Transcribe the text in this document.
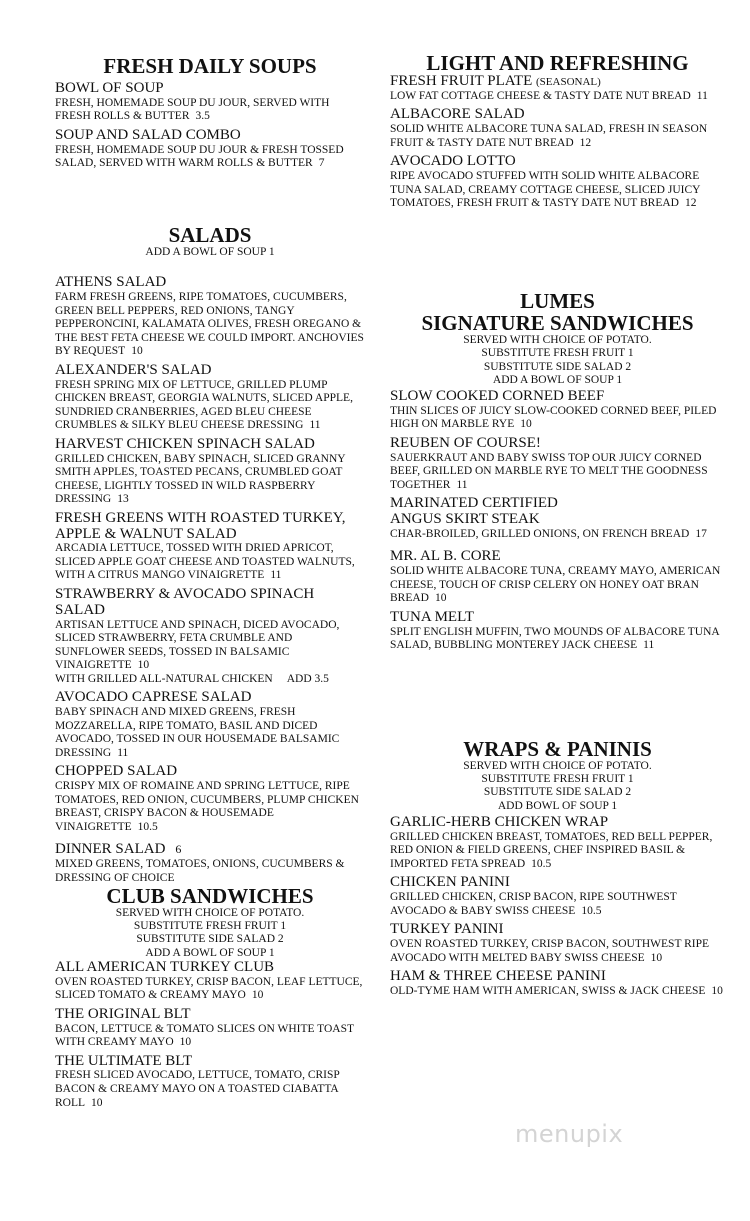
FRESH DAILY SOUPS
BOWL OF SOUP
FRESH, HOMEMADE SOUP DU JOUR, SERVED WITH FRESH ROLLS & BUTTER 3.5
SOUP AND SALAD COMBO
FRESH, HOMEMADE SOUP DU JOUR & FRESH TOSSED SALAD, SERVED WITH WARM ROLLS & BUTTER 7
SALADS
ADD A BOWL OF SOUP 1
ATHENS SALAD
FARM FRESH GREENS, RIPE TOMATOES, CUCUMBERS, GREEN BELL PEPPERS, RED ONIONS, TANGY PEPPERONCINI, KALAMATA OLIVES, FRESH OREGANO & THE BEST FETA CHEESE WE COULD IMPORT. ANCHOVIES BY REQUEST 10
ALEXANDER'S SALAD
FRESH SPRING MIX OF LETTUCE, GRILLED PLUMP CHICKEN BREAST, GEORGIA WALNUTS, SLICED APPLE, SUNDRIED CRANBERRIES, AGED BLEU CHEESE CRUMBLES & SILKY BLEU CHEESE DRESSING 11
HARVEST CHICKEN SPINACH SALAD
GRILLED CHICKEN, BABY SPINACH, SLICED GRANNY SMITH APPLES, TOASTED PECANS, CRUMBLED GOAT CHEESE, LIGHTLY TOSSED IN WILD RASPBERRY DRESSING 13
FRESH GREENS WITH ROASTED TURKEY, APPLE & WALNUT SALAD
ARCADIA LETTUCE, TOSSED WITH DRIED APRICOT, SLICED APPLE GOAT CHEESE AND TOASTED WALNUTS, WITH A CITRUS MANGO VINAIGRETTE 11
STRAWBERRY & AVOCADO SPINACH SALAD
ARTISAN LETTUCE AND SPINACH, DICED AVOCADO, SLICED STRAWBERRY, FETA CRUMBLE AND SUNFLOWER SEEDS, TOSSED IN BALSAMIC VINAIGRETTE 10
WITH GRILLED ALL-NATURAL CHICKEN ADD 3.5
AVOCADO CAPRESE SALAD
BABY SPINACH AND MIXED GREENS, FRESH MOZZARELLA, RIPE TOMATO, BASIL AND DICED AVOCADO, TOSSED IN OUR HOUSEMADE BALSAMIC DRESSING 11
CHOPPED SALAD
CRISPY MIX OF ROMAINE AND SPRING LETTUCE, RIPE TOMATOES, RED ONION, CUCUMBERS, PLUMP CHICKEN BREAST, CRISPY BACON & HOUSEMADE VINAIGRETTE 10.5
DINNER SALAD 6
MIXED GREENS, TOMATOES, ONIONS, CUCUMBERS & DRESSING OF CHOICE
CLUB SANDWICHES
SERVED WITH CHOICE OF POTATO.
SUBSTITUTE FRESH FRUIT 1
SUBSTITUTE SIDE SALAD 2
ADD A BOWL OF SOUP 1
ALL AMERICAN TURKEY CLUB
OVEN ROASTED TURKEY, CRISP BACON, LEAF LETTUCE, SLICED TOMATO & CREAMY MAYO 10
THE ORIGINAL BLT
BACON, LETTUCE & TOMATO SLICES ON WHITE TOAST WITH CREAMY MAYO 10
THE ULTIMATE BLT
FRESH SLICED AVOCADO, LETTUCE, TOMATO, CRISP BACON & CREAMY MAYO ON A TOASTED CIABATTA ROLL 10
LIGHT AND REFRESHING
FRESH FRUIT PLATE (SEASONAL)
LOW FAT COTTAGE CHEESE & TASTY DATE NUT BREAD 11
ALBACORE SALAD
SOLID WHITE ALBACORE TUNA SALAD, FRESH IN SEASON FRUIT & TASTY DATE NUT BREAD 12
AVOCADO LOTTO
RIPE AVOCADO STUFFED WITH SOLID WHITE ALBACORE TUNA SALAD, CREAMY COTTAGE CHEESE, SLICED JUICY TOMATOES, FRESH FRUIT & TASTY DATE NUT BREAD 12
LUMES
SIGNATURE SANDWICHES
SERVED WITH CHOICE OF POTATO.
SUBSTITUTE FRESH FRUIT 1
SUBSTITUTE SIDE SALAD 2
ADD A BOWL OF SOUP 1
SLOW COOKED CORNED BEEF
THIN SLICES OF JUICY SLOW-COOKED CORNED BEEF, PILED HIGH ON MARBLE RYE 10
REUBEN OF COURSE!
SAUERKRAUT AND BABY SWISS TOP OUR JUICY CORNED BEEF, GRILLED ON MARBLE RYE TO MELT THE GOODNESS TOGETHER 11
MARINATED CERTIFIED ANGUS SKIRT STEAK
CHAR-BROILED, GRILLED ONIONS, ON FRENCH BREAD 17
MR. AL B. CORE
SOLID WHITE ALBACORE TUNA, CREAMY MAYO, AMERICAN CHEESE, TOUCH OF CRISP CELERY ON HONEY OAT BRAN BREAD 10
TUNA MELT
SPLIT ENGLISH MUFFIN, TWO MOUNDS OF ALBACORE TUNA SALAD, BUBBLING MONTEREY JACK CHEESE 11
WRAPS & PANINIS
SERVED WITH CHOICE OF POTATO.
SUBSTITUTE FRESH FRUIT 1
SUBSTITUTE SIDE SALAD 2
ADD BOWL OF SOUP 1
GARLIC-HERB CHICKEN WRAP
GRILLED CHICKEN BREAST, TOMATOES, RED BELL PEPPER, RED ONION & FIELD GREENS, CHEF INSPIRED BASIL & IMPORTED FETA SPREAD 10.5
CHICKEN PANINI
GRILLED CHICKEN, CRISP BACON, RIPE SOUTHWEST AVOCADO & BABY SWISS CHEESE 10.5
TURKEY PANINI
OVEN ROASTED TURKEY, CRISP BACON, SOUTHWEST RIPE AVOCADO WITH MELTED BABY SWISS CHEESE 10
HAM & THREE CHEESE PANINI
OLD-TYME HAM WITH AMERICAN, SWISS & JACK CHEESE 10
menupix
